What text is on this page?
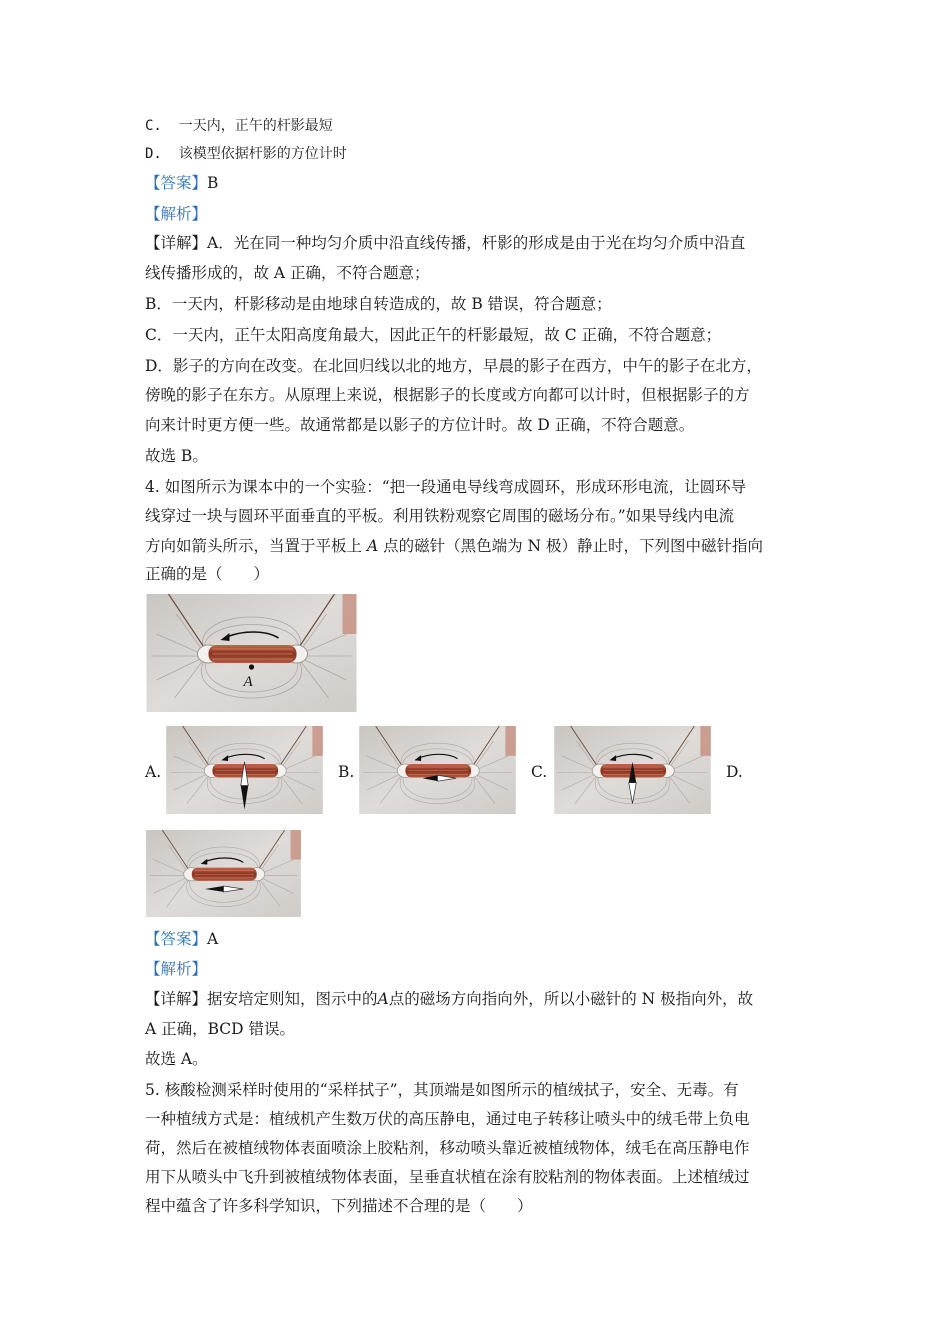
C.  一天内，正午的杆影最短
D.  该模型依据杆影的方位计时
【答案】B
【解析】
【详解】A．光在同一种均匀介质中沿直线传播，杆影的形成是由于光在均匀介质中沿直
线传播形成的，故 A 正确，不符合题意；
B．一天内，杆影移动是由地球自转造成的，故 B 错误，符合题意；
C．一天内，正午太阳高度角最大，因此正午的杆影最短，故 C 正确，不符合题意；
D．影子的方向在改变。在北回归线以北的地方，早晨的影子在西方，中午的影子在北方，
傍晚的影子在东方。从原理上来说，根据影子的长度或方向都可以计时，但根据影子的方
向来计时更方便一些。故通常都是以影子的方位计时。故 D 正确，不符合题意。
故选 B。
4. 如图所示为课本中的一个实验：“把一段通电导线弯成圆环，形成环形电流，让圆环导
线穿过一块与圆环平面垂直的平板。利用铁粉观察它周围的磁场分布。”如果导线内电流
方向如箭头所示，当置于平板上 A 点的磁针（黑色端为 N 极）静止时，下列图中磁针指向
正确的是（　　）
A
A.	B.	C.	D.
【答案】A
【解析】
【详解】据安培定则知，图示中的A点的磁场方向指向外，所以小磁针的 N 极指向外，故
A 正确，BCD 错误。
故选 A。
5. 核酸检测采样时使用的“采样拭子”，其顶端是如图所示的植绒拭子，安全、无毒。有
一种植绒方式是：植绒机产生数万伏的高压静电，通过电子转移让喷头中的绒毛带上负电
荷，然后在被植绒物体表面喷涂上胶粘剂，移动喷头靠近被植绒物体，绒毛在高压静电作
用下从喷头中飞升到被植绒物体表面，呈垂直状植在涂有胶粘剂的物体表面。上述植绒过
程中蕴含了许多科学知识，下列描述不合理的是（　　）
